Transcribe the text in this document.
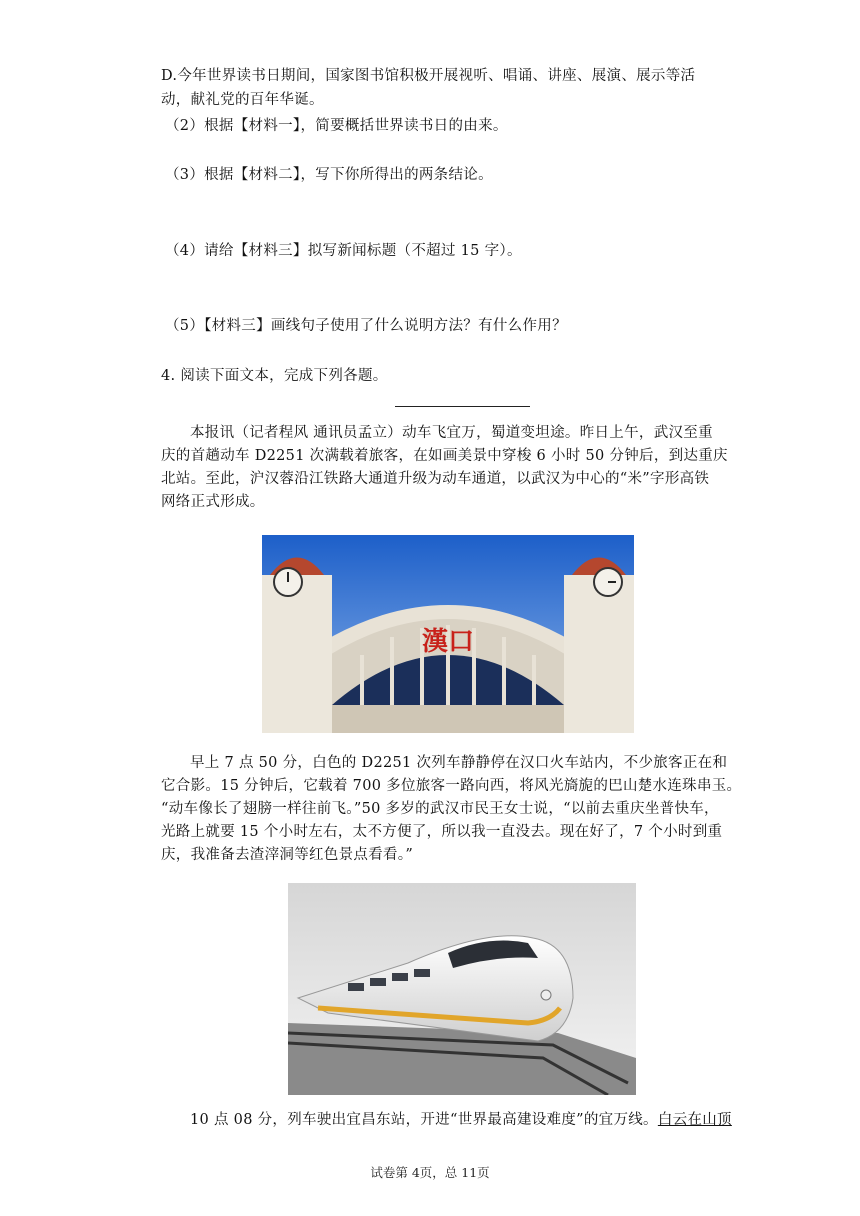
D.今年世界读书日期间，国家图书馆积极开展视听、唱诵、讲座、展演、展示等活
动，献礼党的百年华诞。
（2）根据【材料一】，简要概括世界读书日的由来。
（3）根据【材料二】，写下你所得出的两条结论。
（4）请给【材料三】拟写新闻标题（不超过 15 字）。
（5）【材料三】画线句子使用了什么说明方法？有什么作用？
4. 阅读下面文本，完成下列各题。
本报讯（记者程风 通讯员孟立）动车飞宜万，蜀道变坦途。昨日上午，武汉至重
庆的首趟动车 D2251 次满载着旅客，在如画美景中穿梭 6 小时 50 分钟后，到达重庆
北站。至此，沪汉蓉沿江铁路大通道升级为动车通道，以武汉为中心的“米”字形高铁
网络正式形成。
漢口
早上 7 点 50 分，白色的 D2251 次列车静静停在汉口火车站内，不少旅客正在和
它合影。15 分钟后，它载着 700 多位旅客一路向西，将风光旖旎的巴山楚水连珠串玉。
“动车像长了翅膀一样往前飞。”50 多岁的武汉市民王女士说，“以前去重庆坐普快车，
光路上就要 15 个小时左右，太不方便了，所以我一直没去。现在好了，7 个小时到重
庆，我准备去渣滓洞等红色景点看看。”
10 点 08 分，列车驶出宜昌东站，开进“世界最高建设难度”的宜万线。白云在山顶
试卷第 4页，总 11页
